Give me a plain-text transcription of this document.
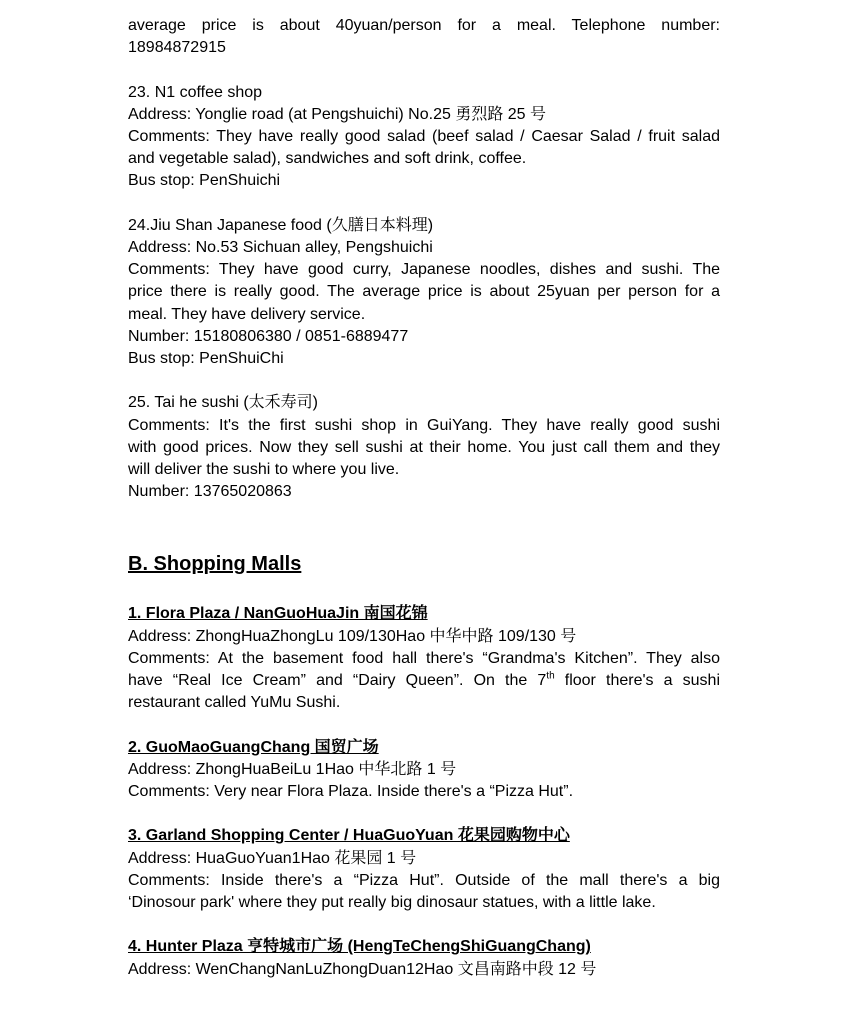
average price is about 40yuan/person for a meal. Telephone number:
18984872915
23. N1 coffee shop
Address: Yonglie road (at Pengshuichi) No.25 勇烈路 25 号
Comments: They have really good salad (beef salad / Caesar Salad / fruit salad
and vegetable salad), sandwiches and soft drink, coffee.
Bus stop: PenShuichi
24.Jiu Shan Japanese food (久膳日本料理)
Address: No.53 Sichuan alley, Pengshuichi
Comments: They have good curry, Japanese noodles, dishes and sushi. The
price there is really good. The average price is about 25yuan per person for a
meal. They have delivery service.
Number: 15180806380 / 0851-6889477
Bus stop: PenShuiChi
25. Tai he sushi (太禾寿司)
Comments: It's the first sushi shop in GuiYang. They have really good sushi
with good prices. Now they sell sushi at their home. You just call them and they
will deliver the sushi to where you live.
Number: 13765020863
B. Shopping Malls
1. Flora Plaza / NanGuoHuaJin 南国花锦
Address: ZhongHuaZhongLu 109/130Hao 中华中路 109/130 号
Comments: At the basement food hall there's “Grandma's Kitchen”. They also
have “Real Ice Cream” and “Dairy Queen”. On the 7th floor there's a sushi
restaurant called YuMu Sushi.
2. GuoMaoGuangChang 国贸广场
Address: ZhongHuaBeiLu 1Hao 中华北路 1 号
Comments: Very near Flora Plaza. Inside there's a “Pizza Hut”.
3. Garland Shopping Center / HuaGuoYuan 花果园购物中心
Address: HuaGuoYuan1Hao 花果园 1 号
Comments: Inside there's a “Pizza Hut”. Outside of the mall there's a big
‘Dinosour park' where they put really big dinosaur statues, with a little lake.
4. Hunter Plaza 亨特城市广场 (HengTeChengShiGuangChang)
Address: WenChangNanLuZhongDuan12Hao 文昌南路中段 12 号
